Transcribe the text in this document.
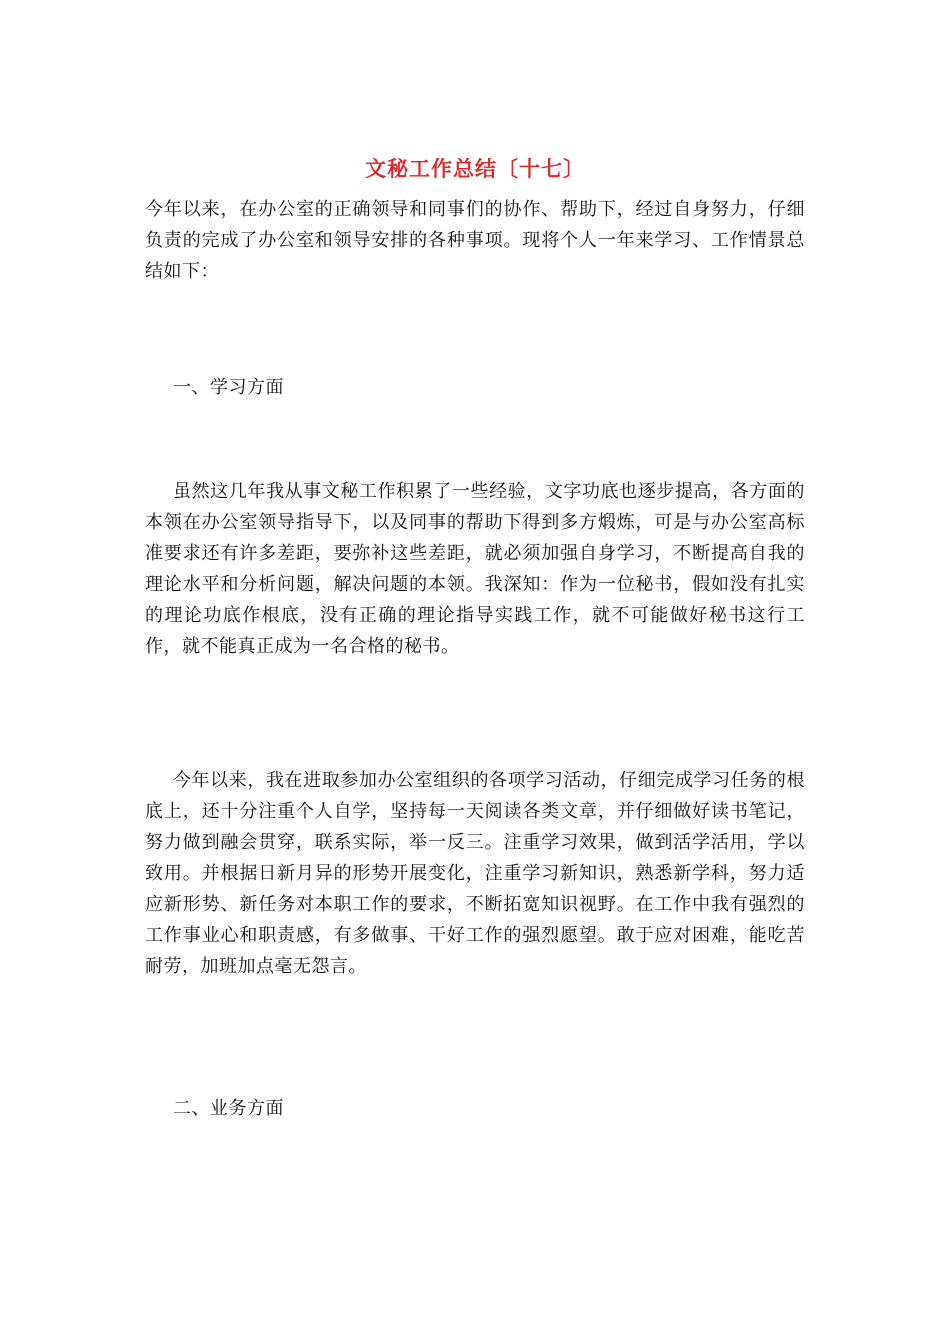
文秘工作总结〔十七〕
今年以来，在办公室的正确领导和同事们的协作、帮助下，经过自身努力，仔细负责的完成了办公室和领导安排的各种事项。现将个人一年来学习、工作情景总结如下：
一、学习方面
虽然这几年我从事文秘工作积累了一些经验，文字功底也逐步提高，各方面的本领在办公室领导指导下，以及同事的帮助下得到多方煅炼，可是与办公室高标准要求还有许多差距，要弥补这些差距，就必须加强自身学习，不断提高自我的理论水平和分析问题，解决问题的本领。我深知：作为一位秘书，假如没有扎实的理论功底作根底，没有正确的理论指导实践工作，就不可能做好秘书这行工作，就不能真正成为一名合格的秘书。
今年以来，我在进取参加办公室组织的各项学习活动，仔细完成学习任务的根底上，还十分注重个人自学，坚持每一天阅读各类文章，并仔细做好读书笔记，努力做到融会贯穿，联系实际，举一反三。注重学习效果，做到活学活用，学以致用。并根据日新月异的形势开展变化，注重学习新知识，熟悉新学科，努力适应新形势、新任务对本职工作的要求，不断拓宽知识视野。在工作中我有强烈的工作事业心和职责感，有多做事、干好工作的强烈愿望。敢于应对困难，能吃苦耐劳，加班加点毫无怨言。
二、业务方面
